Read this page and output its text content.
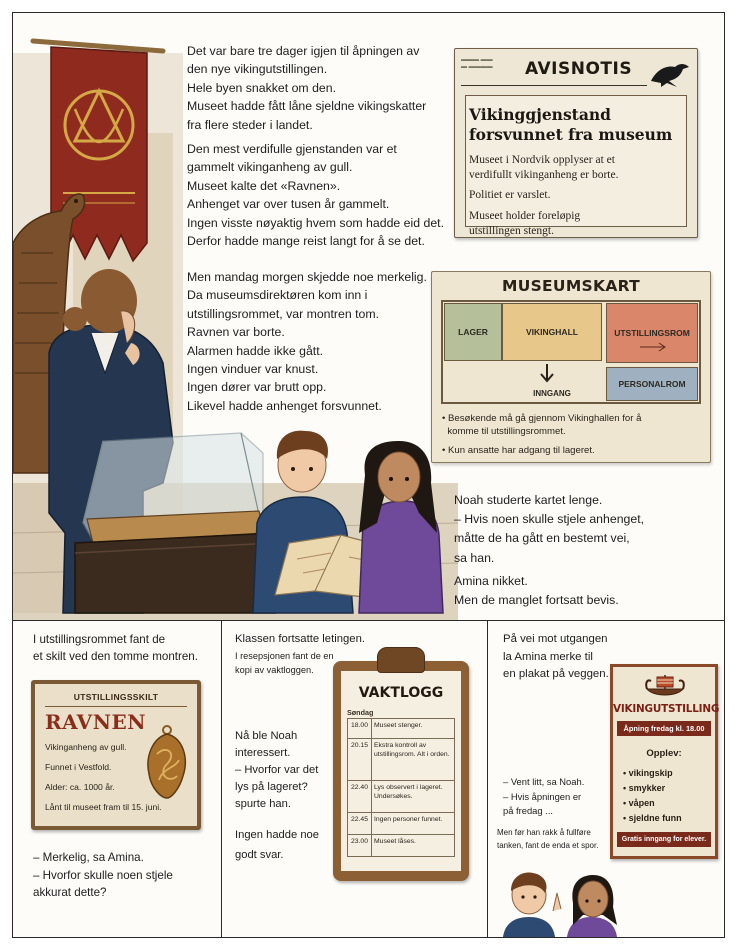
Det var bare tre dager igjen til åpningen av
den nye vikingutstillingen.
Hele byen snakket om den.
Museet hadde fått låne sjeldne vikingskatter
fra flere steder i landet.
Den mest verdifulle gjenstanden var et
gammelt vikinganheng av gull.
Museet kalte det «Ravnen».
Anhenget var over tusen år gammelt.
Ingen visste nøyaktig hvem som hadde eid det.
Derfor hadde mange reist langt for å se det.
Men mandag morgen skjedde noe merkelig.
Da museumsdirektøren kom inn i
utstillingsrommet, var montren tom.
Ravnen var borte.
Alarmen hadde ikke gått.
Ingen vinduer var knust.
Ingen dører var brutt opp.
Likevel hadde anhenget forsvunnet.
▬▬▬ ▬▬
▬ ▬▬▬▬ AVISNOTIS
Vikinggjenstand
forsvunnet fra museum
Museet i Nordvik opplyser at et
verdifullt vikinganheng er borte.
Politiet er varslet.
Museet holder foreløpig
utstillingen stengt.
MUSEUMSKART
LAGER	VIKINGHALL	UTSTILLINGSROM
PERSONALROM
INNGANG
• Besøkende må gå gjennom Vikinghallen for å
komme til utstillingsrommet.
• Kun ansatte har adgang til lageret.
Noah studerte kartet lenge.
– Hvis noen skulle stjele anhenget,
måtte de ha gått en bestemt vei,
sa han.
Amina nikket.
Men de manglet fortsatt bevis.
I utstillingsrommet fant de
et skilt ved den tomme montren.
UTSTILLINGSSKILT
RAVNEN
Vikinganheng av gull.
Funnet i Vestfold.
Alder: ca. 1000 år.
Lånt til museet fram til 15. juni.
– Merkelig, sa Amina.
– Hvorfor skulle noen stjele
akkurat dette?
Klassen fortsatte letingen.
I resepsjonen fant de en
kopi av vaktloggen.
Nå ble Noah
interessert.
– Hvorfor var det
lys på lageret?
spurte han.
Ingen hadde noe
godt svar.
VAKTLOGG
Søndag
18.00	Museet stenger.
20.15	Ekstra kontroll av utstillingsrom. Alt i orden.
22.40	Lys observert i lageret. Undersøkes.
22.45	Ingen personer funnet.
23.00	Museet låses.
På vei mot utgangen
la Amina merke til
en plakat på veggen.
– Vent litt, sa Noah.
– Hvis åpningen er
på fredag ...
Men før han rakk å fullføre
tanken, fant de enda et spor.
VIKINGUTSTILLING
Åpning fredag kl. 18.00
Opplev:
• vikingskip
• smykker
• våpen
• sjeldne funn
Gratis inngang for elever.
